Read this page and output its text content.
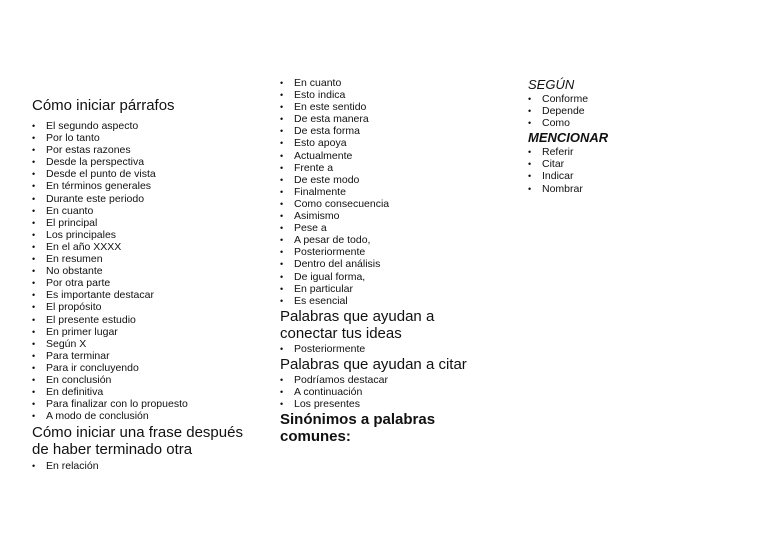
Cómo iniciar párrafos
• El segundo aspecto
• Por lo tanto
• Por estas razones
• Desde la perspectiva
• Desde el punto de vista
• En términos generales
• Durante este periodo
• En cuanto
• El principal
• Los principales
• En el año XXXX
• En resumen
• No obstante
• Por otra parte
• Es importante destacar
• El propósito
• El presente estudio
• En primer lugar
• Según X
• Para terminar
• Para ir concluyendo
• En conclusión
• En definitiva
• Para finalizar con lo propuesto
• A modo de conclusión
Cómo iniciar una frase después
de haber terminado otra
• En relación
• En cuanto
• Esto indica
• En este sentido
• De esta manera
• De esta forma
• Esto apoya
• Actualmente
• Frente a
• De este modo
• Finalmente
• Como consecuencia
• Asimismo
• Pese a
• A pesar de todo,
• Posteriormente
• Dentro del análisis
• De igual forma,
• En particular
• Es esencial
Palabras que ayudan a
conectar tus ideas
• Posteriormente
Palabras que ayudan a citar
• Podríamos destacar
• A continuación
• Los presentes
Sinónimos a palabras
comunes:
SEGÚN
• Conforme
• Depende
• Como
MENCIONAR
• Referir
• Citar
• Indicar
• Nombrar
